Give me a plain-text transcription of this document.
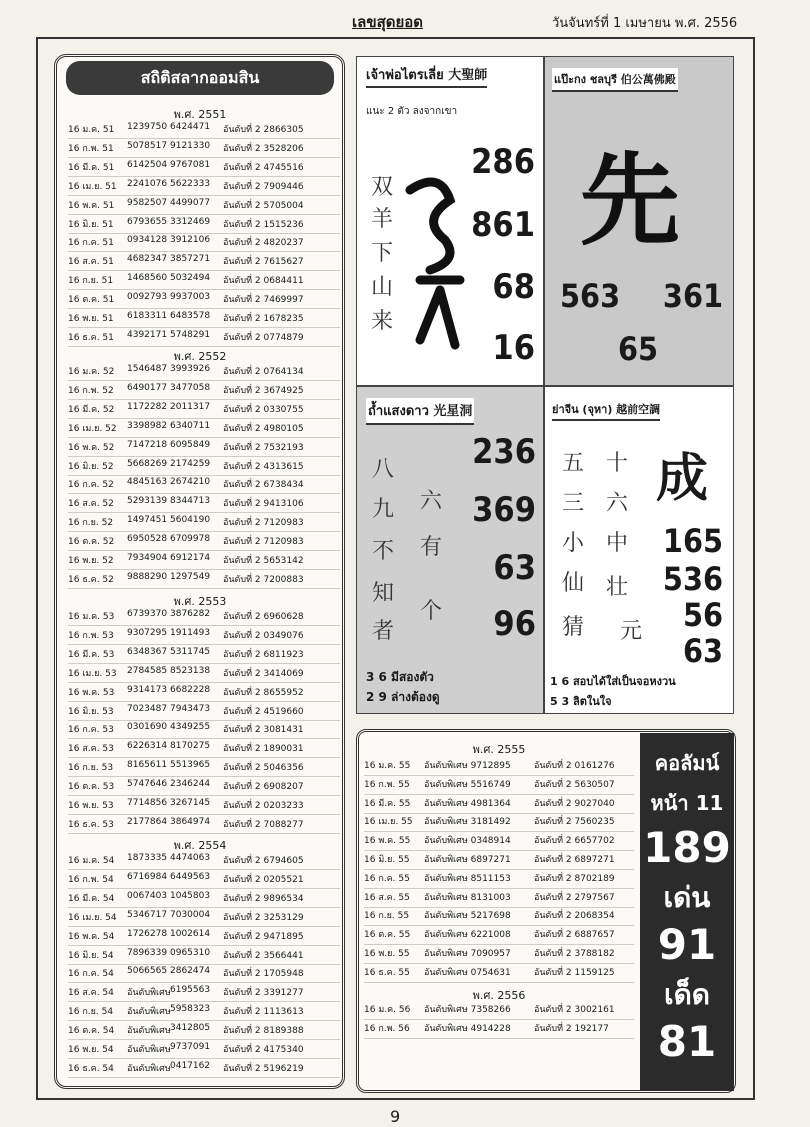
เลขสุดยอด	วันจันทร์ที่ 1 เมษายน พ.ศ. 2556
สถิติสลากออมสิน
พ.ศ. 2551
16 ม.ค. 51	1239750 6424471	อันดับที่ 2 2866305
16 ก.พ. 51	5078517 9121330	อันดับที่ 2 3528206
16 มี.ค. 51	6142504 9767081	อันดับที่ 2 4745516
16 เม.ย. 51	2241076 5622333	อันดับที่ 2 7909446
16 พ.ค. 51	9582507 4499077	อันดับที่ 2 5705004
16 มิ.ย. 51	6793655 3312469	อันดับที่ 2 1515236
16 ก.ค. 51	0934128 3912106	อันดับที่ 2 4820237
16 ส.ค. 51	4682347 3857271	อันดับที่ 2 7615627
16 ก.ย. 51	1468560 5032494	อันดับที่ 2 0684411
16 ต.ค. 51	0092793 9937003	อันดับที่ 2 7469997
16 พ.ย. 51	6183311 6483578	อันดับที่ 2 1678235
16 ธ.ค. 51	4392171 5748291	อันดับที่ 2 0774879
พ.ศ. 2552
16 ม.ค. 52	1546487 3993926	อันดับที่ 2 0764134
16 ก.พ. 52	6490177 3477058	อันดับที่ 2 3674925
16 มี.ค. 52	1172282 2011317	อันดับที่ 2 0330755
16 เม.ย. 52	3398982 6340711	อันดับที่ 2 4980105
16 พ.ค. 52	7147218 6095849	อันดับที่ 2 7532193
16 มิ.ย. 52	5668269 2174259	อันดับที่ 2 4313615
16 ก.ค. 52	4845163 2674210	อันดับที่ 2 6738434
16 ส.ค. 52	5293139 8344713	อันดับที่ 2 9413106
16 ก.ย. 52	1497451 5604190	อันดับที่ 2 7120983
16 ต.ค. 52	6950528 6709978	อันดับที่ 2 7120983
16 พ.ย. 52	7934904 6912174	อันดับที่ 2 5653142
16 ธ.ค. 52	9888290 1297549	อันดับที่ 2 7200883
พ.ศ. 2553
16 ม.ค. 53	6739370 3876282	อันดับที่ 2 6960628
16 ก.พ. 53	9307295 1911493	อันดับที่ 2 0349076
16 มี.ค. 53	6348367 5311745	อันดับที่ 2 6811923
16 เม.ย. 53	2784585 8523138	อันดับที่ 2 3414069
16 พ.ค. 53	9314173 6682228	อันดับที่ 2 8655952
16 มิ.ย. 53	7023487 7943473	อันดับที่ 2 4519660
16 ก.ค. 53	0301690 4349255	อันดับที่ 2 3081431
16 ส.ค. 53	6226314 8170275	อันดับที่ 2 1890031
16 ก.ย. 53	8165611 5513965	อันดับที่ 2 5046356
16 ต.ค. 53	5747646 2346244	อันดับที่ 2 6908207
16 พ.ย. 53	7714856 3267145	อันดับที่ 2 0203233
16 ธ.ค. 53	2177864 3864974	อันดับที่ 2 7088277
พ.ศ. 2554
16 ม.ค. 54	1873335 4474063	อันดับที่ 2 6794605
16 ก.พ. 54	6716984 6449563	อันดับที่ 2 0205521
16 มี.ค. 54	0067403 1045803	อันดับที่ 2 9896534
16 เม.ย. 54	5346717 7030004	อันดับที่ 2 3253129
16 พ.ค. 54	1726278 1002614	อันดับที่ 2 9471895
16 มิ.ย. 54	7896339 0965310	อันดับที่ 2 3566441
16 ก.ค. 54	5066565 2862474	อันดับที่ 2 1705948
16 ส.ค. 54	อันดับพิเศษ 6195563	อันดับที่ 2 3391277
16 ก.ย. 54	อันดับพิเศษ 5958323	อันดับที่ 2 1113613
16 ต.ค. 54	อันดับพิเศษ 3412805	อันดับที่ 2 8189388
16 พ.ย. 54	อันดับพิเศษ 9737091	อันดับที่ 2 4175340
16 ธ.ค. 54	อันดับพิเศษ 0417162	อันดับที่ 2 5196219
เจ้าพ่อไตรเลี่ย 大聖師
แนะ 2 ตัว ลงจากเขา
双
羊
下
山
来
286
861
68
16
แป๊ะกง ชลบุรี 伯公萬佛殿
先
563 361
65
ถ้ำแสงดาว 光星洞
八
九
不
知
者
六
有
个
236
369
63
96
3 6 มีสองตัว
2 9 ล่างต้องดู
ย่าจีน (จุหา) 越前空調
五
三
小
仙
猜
十
六
中
壮
元
成
165
536
56
63
1 6 สอบได้ใส่เป็นจอหงวน
5 3 ลิตในใจ
พ.ศ. 2555
16 ม.ค. 55	อันดับพิเศษ 9712895	อันดับที่ 2 0161276
16 ก.พ. 55	อันดับพิเศษ 5516749	อันดับที่ 2 5630507
16 มี.ค. 55	อันดับพิเศษ 4981364	อันดับที่ 2 9027040
16 เม.ย. 55	อันดับพิเศษ 3181492	อันดับที่ 2 7560235
16 พ.ค. 55	อันดับพิเศษ 0348914	อันดับที่ 2 6657702
16 มิ.ย. 55	อันดับพิเศษ 6897271	อันดับที่ 2 6897271
16 ก.ค. 55	อันดับพิเศษ 8511153	อันดับที่ 2 8702189
16 ส.ค. 55	อันดับพิเศษ 8131003	อันดับที่ 2 2797567
16 ก.ย. 55	อันดับพิเศษ 5217698	อันดับที่ 2 2068354
16 ต.ค. 55	อันดับพิเศษ 6221008	อันดับที่ 2 6887657
16 พ.ย. 55	อันดับพิเศษ 7090957	อันดับที่ 2 3788182
16 ธ.ค. 55	อันดับพิเศษ 0754631	อันดับที่ 2 1159125
พ.ศ. 2556
16 ม.ค. 56	อันดับพิเศษ 7358266	อันดับที่ 2 3002161
16 ก.พ. 56	อันดับพิเศษ 4914228	อันดับที่ 2 192177
คอลัมน์
หน้า 11
189
เด่น
91
เด็ด
81
9
